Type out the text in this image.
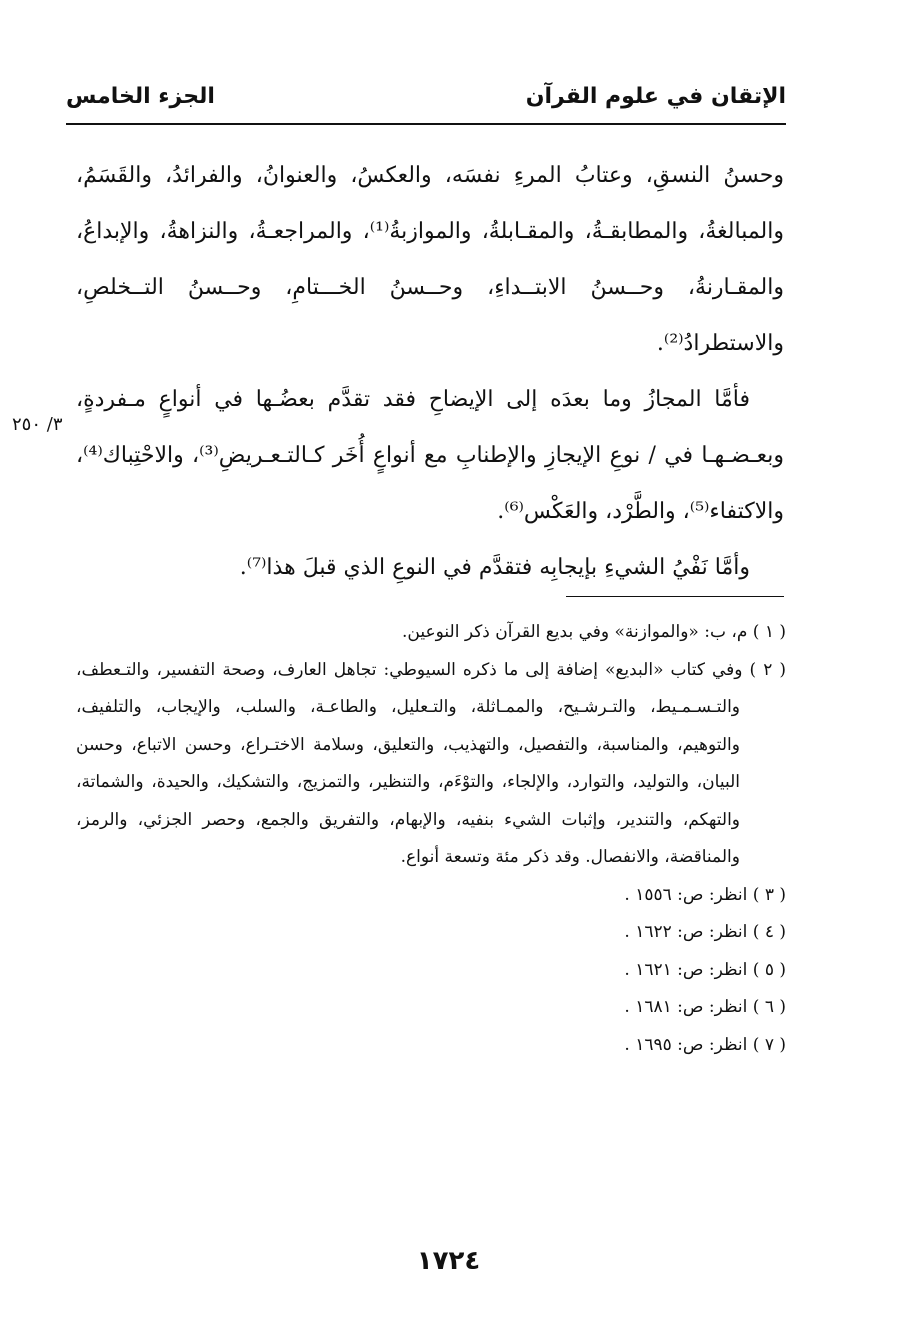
الإتقان في علوم القرآن
الجزء الخامس

وحسنُ النسقِ، وعتابُ المرءِ نفسَه، والعكسُ، والعنوانُ، والفرائدُ، والقَسَمُ، والمبالغةُ، والمطابقـةُ، والمقـابلةُ، والموازبةُ⁽¹⁾، والمراجعـةُ، والنزاهةُ، والإبداعُ، والمقـارنةُ، وحــسنُ الابتــداءِ، وحــسنُ الخـــتامِ، وحــسنُ التــخلصِ، والاستطرادُ⁽²⁾.

فأمَّا المجازُ وما بعدَه إلى الإيضاحِ فقد تقدَّم بعضُـها في أنواعٍ مـفردةٍ، وبعـضـهـا في / نوعِ الإيجازِ والإطنابِ مع أنواعٍ أُخَر كـالتـعـريضِ⁽³⁾، والاحْتِباك⁽⁴⁾، والاكتفاء⁽⁵⁾، والطَّرْد، والعَكْس⁽⁶⁾.

وأمَّا نَفْيُ الشيءِ بإيجابِه فتقدَّم في النوعِ الذي قبلَ هذا⁽⁷⁾.

٣/ ٢٥٠

( ١ ) م، ب: «والموازنة» وفي بديع القرآن ذكر النوعين.

( ٢ ) وفي كتاب «البديع» إضافة إلى ما ذكره السيوطي: تجاهل العارف، وصحة التفسير، والتـعطف، والتـسـمـيط، والتـرشـيح، والممـاثلة، والتـعليل، والطاعـة، والسلب، والإيجاب، والتلفيف، والتوهيم، والمناسبة، والتفصيل، والتهذيب، والتعليق، وسلامة الاختـراع، وحسن الاتباع، وحسن البيان، والتوليد، والتوارد، والإلجاء، والتوْءَم، والتنظير، والتمزيج، والتشكيك، والحيدة، والشماتة، والتهكم، والتندير، وإثبات الشيء بنفيه، والإبهام، والتفريق والجمع، وحصر الجزئي، والرمز، والمناقضة، والانفصال. وقد ذكر مئة وتسعة أنواع.

( ٣ ) انظر: ص: ١٥٥٦ .

( ٤ ) انظر: ص: ١٦٢٢ .

( ٥ ) انظر: ص: ١٦٢١ .

( ٦ ) انظر: ص: ١٦٨١ .

( ٧ ) انظر: ص: ١٦٩٥ .

١٧٢٤
